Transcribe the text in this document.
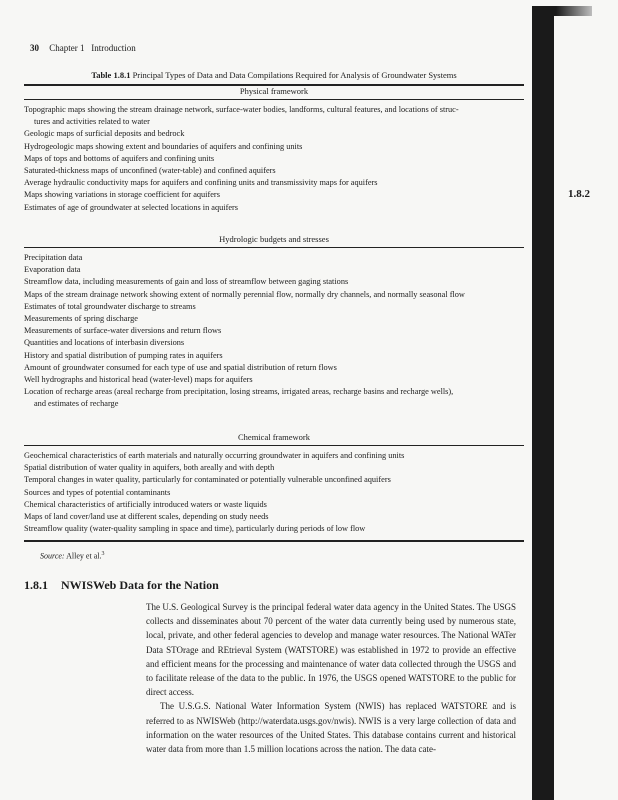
1.8.2
30 Chapter 1   Introduction
Table 1.8.1 Principal Types of Data and Data Compilations Required for Analysis of Groundwater Systems
Physical framework
Topographic maps showing the stream drainage network, surface-water bodies, landforms, cultural features, and locations of struc-
tures and activities related to water
Geologic maps of surficial deposits and bedrock
Hydrogeologic maps showing extent and boundaries of aquifers and confining units
Maps of tops and bottoms of aquifers and confining units
Saturated-thickness maps of unconfined (water-table) and confined aquifers
Average hydraulic conductivity maps for aquifers and confining units and transmissivity maps for aquifers
Maps showing variations in storage coefficient for aquifers
Estimates of age of groundwater at selected locations in aquifers
Hydrologic budgets and stresses
Precipitation data
Evaporation data
Streamflow data, including measurements of gain and loss of streamflow between gaging stations
Maps of the stream drainage network showing extent of normally perennial flow, normally dry channels, and normally seasonal flow
Estimates of total groundwater discharge to streams
Measurements of spring discharge
Measurements of surface-water diversions and return flows
Quantities and locations of interbasin diversions
History and spatial distribution of pumping rates in aquifers
Amount of groundwater consumed for each type of use and spatial distribution of return flows
Well hydrographs and historical head (water-level) maps for aquifers
Location of recharge areas (areal recharge from precipitation, losing streams, irrigated areas, recharge basins and recharge wells),
and estimates of recharge
Chemical framework
Geochemical characteristics of earth materials and naturally occurring groundwater in aquifers and confining units
Spatial distribution of water quality in aquifers, both areally and with depth
Temporal changes in water quality, particularly for contaminated or potentially vulnerable unconfined aquifers
Sources and types of potential contaminants
Chemical characteristics of artificially introduced waters or waste liquids
Maps of land cover/land use at different scales, depending on study needs
Streamflow quality (water-quality sampling in space and time), particularly during periods of low flow
Source: Alley et al.$^3$
1.8.1 NWISWeb Data for the Nation

The U.S. Geological Survey is the principal federal water data agency in the United States. The USGS collects and disseminates about 70 percent of the water data currently being used by numerous state, local, private, and other federal agencies to develop and manage water resources. The National WATer Data STOrage and REtrieval System (WATSTORE) was established in 1972 to provide an effective and efficient means for the processing and maintenance of water data collected through the USGS and to facilitate release of the data to the public. In 1976, the USGS opened WATSTORE to the public for direct access.

The U.S.G.S. National Water Information System (NWIS) has replaced WATSTORE and is referred to as NWISWeb (http://waterdata.usgs.gov/nwis). NWIS is a very large collection of data and information on the water resources of the United States. This database contains current and historical water data from more than 1.5 million locations across the nation. The data cate-
